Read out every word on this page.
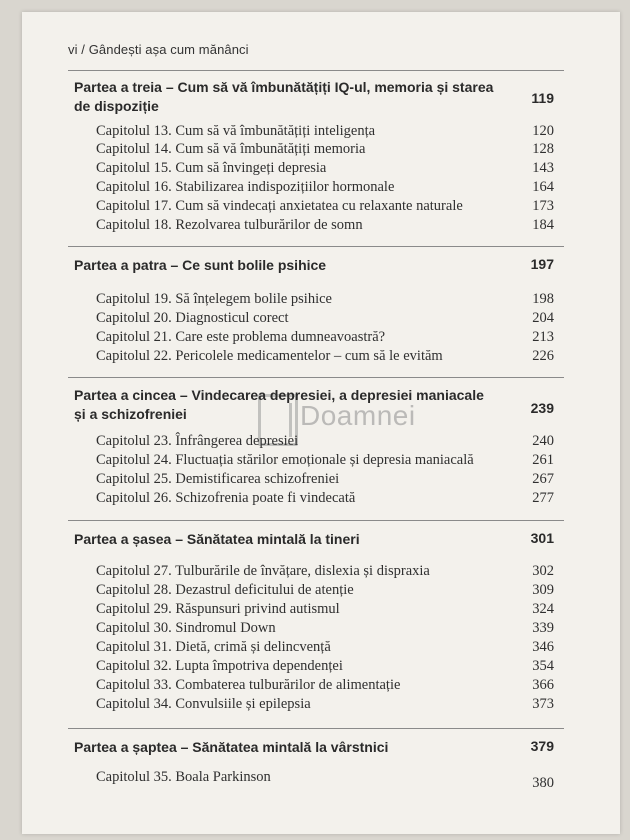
vi / Gândești așa cum mănânci
Doamnei
Partea a treia – Cum să vă îmbunătățiți IQ-ul, memoria și starea de dispoziție	119
Capitolul 13. Cum să vă îmbunătățiți inteligența	120
Capitolul 14. Cum să vă îmbunătățiți memoria	128
Capitolul 15. Cum să învingeți depresia	143
Capitolul 16. Stabilizarea indispozițiilor hormonale	164
Capitolul 17. Cum să vindecați anxietatea cu relaxante naturale	173
Capitolul 18. Rezolvarea tulburărilor de somn	184
Partea a patra – Ce sunt bolile psihice	197
Capitolul 19. Să înțelegem bolile psihice	198
Capitolul 20. Diagnosticul corect	204
Capitolul 21. Care este problema dumneavoastră?	213
Capitolul 22. Pericolele medicamentelor – cum să le evităm	226
Partea a cincea – Vindecarea depresiei, a depresiei maniacale și a schizofreniei	239
Capitolul 23. Înfrângerea depresiei	240
Capitolul 24. Fluctuația stărilor emoționale și depresia maniacală	261
Capitolul 25. Demistificarea schizofreniei	267
Capitolul 26. Schizofrenia poate fi vindecată	277
Partea a șasea – Sănătatea mintală la tineri	301
Capitolul 27. Tulburările de învățare, dislexia și dispraxia	302
Capitolul 28. Dezastrul deficitului de atenție	309
Capitolul 29. Răspunsuri privind autismul	324
Capitolul 30. Sindromul Down	339
Capitolul 31. Dietă, crimă și delincvență	346
Capitolul 32. Lupta împotriva dependenței	354
Capitolul 33. Combaterea tulburărilor de alimentație	366
Capitolul 34. Convulsiile și epilepsia	373
Partea a șaptea – Sănătatea mintală la vârstnici	379
Capitolul 35. Boala Parkinson	380
